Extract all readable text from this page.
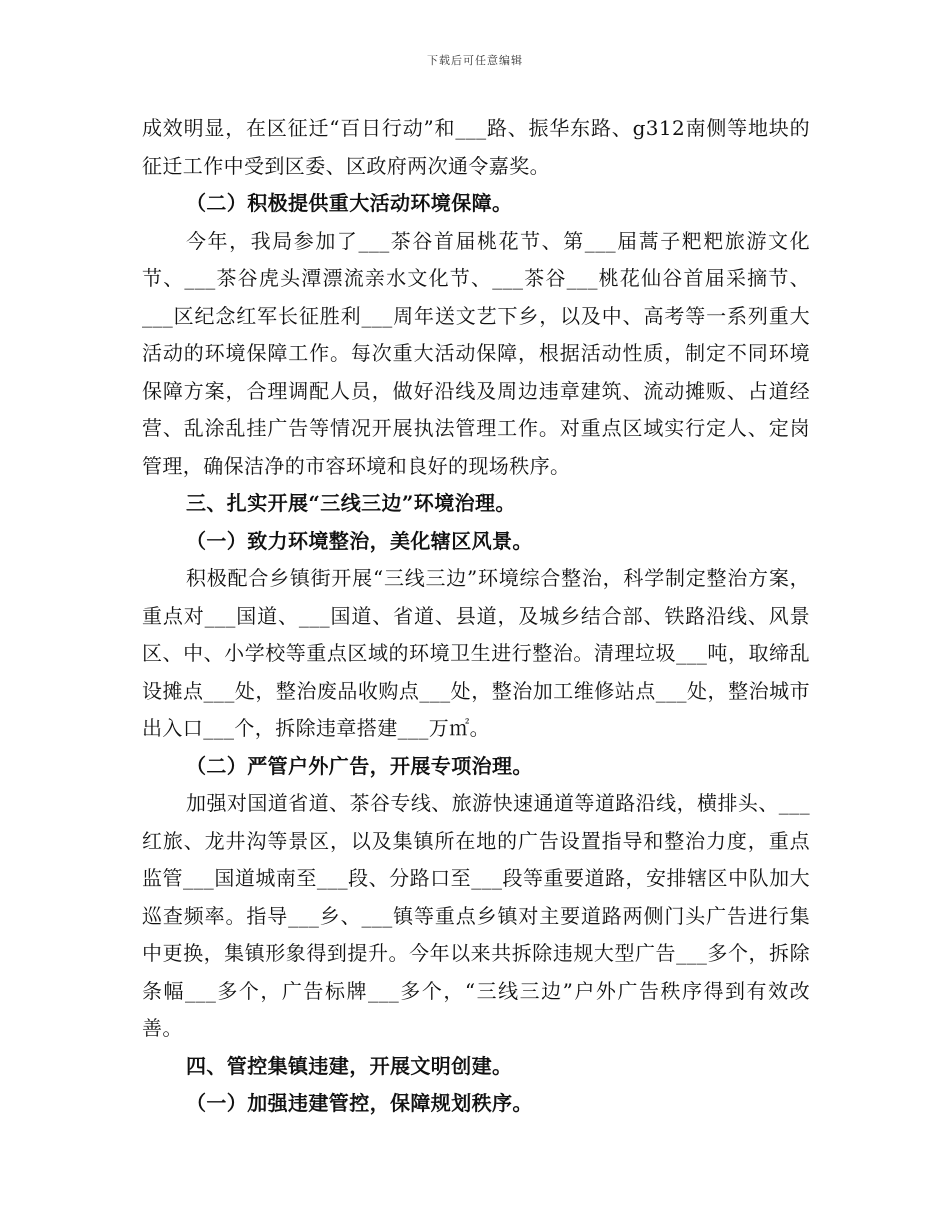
下载后可任意编辑

成效明显，在区征迁“百日行动”和___路、振华东路、g312南侧等地块的征迁工作中受到区委、区政府两次通令嘉奖。

（二）积极提供重大活动环境保障。

今年，我局参加了___茶谷首届桃花节、第___届蒿子粑粑旅游文化节、___茶谷虎头潭漂流亲水文化节、___茶谷___桃花仙谷首届采摘节、___区纪念红军长征胜利___周年送文艺下乡，以及中、高考等一系列重大活动的环境保障工作。每次重大活动保障，根据活动性质，制定不同环境保障方案，合理调配人员，做好沿线及周边违章建筑、流动摊贩、占道经营、乱涂乱挂广告等情况开展执法管理工作。对重点区域实行定人、定岗管理，确保洁净的市容环境和良好的现场秩序。

三、扎实开展“三线三边”环境治理。

（一）致力环境整治，美化辖区风景。

积极配合乡镇街开展“三线三边”环境综合整治，科学制定整治方案，重点对___国道、___国道、省道、县道，及城乡结合部、铁路沿线、风景区、中、小学校等重点区域的环境卫生进行整治。清理垃圾___吨，取缔乱设摊点___处，整治废品收购点___处，整治加工维修站点___处，整治城市出入口___个，拆除违章搭建___万㎡。

（二）严管户外广告，开展专项治理。

加强对国道省道、茶谷专线、旅游快速通道等道路沿线，横排头、___红旅、龙井沟等景区，以及集镇所在地的广告设置指导和整治力度，重点监管___国道城南至___段、分路口至___段等重要道路，安排辖区中队加大巡查频率。指导___乡、___镇等重点乡镇对主要道路两侧门头广告进行集中更换，集镇形象得到提升。今年以来共拆除违规大型广告___多个，拆除条幅___多个，广告标牌___多个，“三线三边”户外广告秩序得到有效改善。

四、管控集镇违建，开展文明创建。

（一）加强违建管控，保障规划秩序。
